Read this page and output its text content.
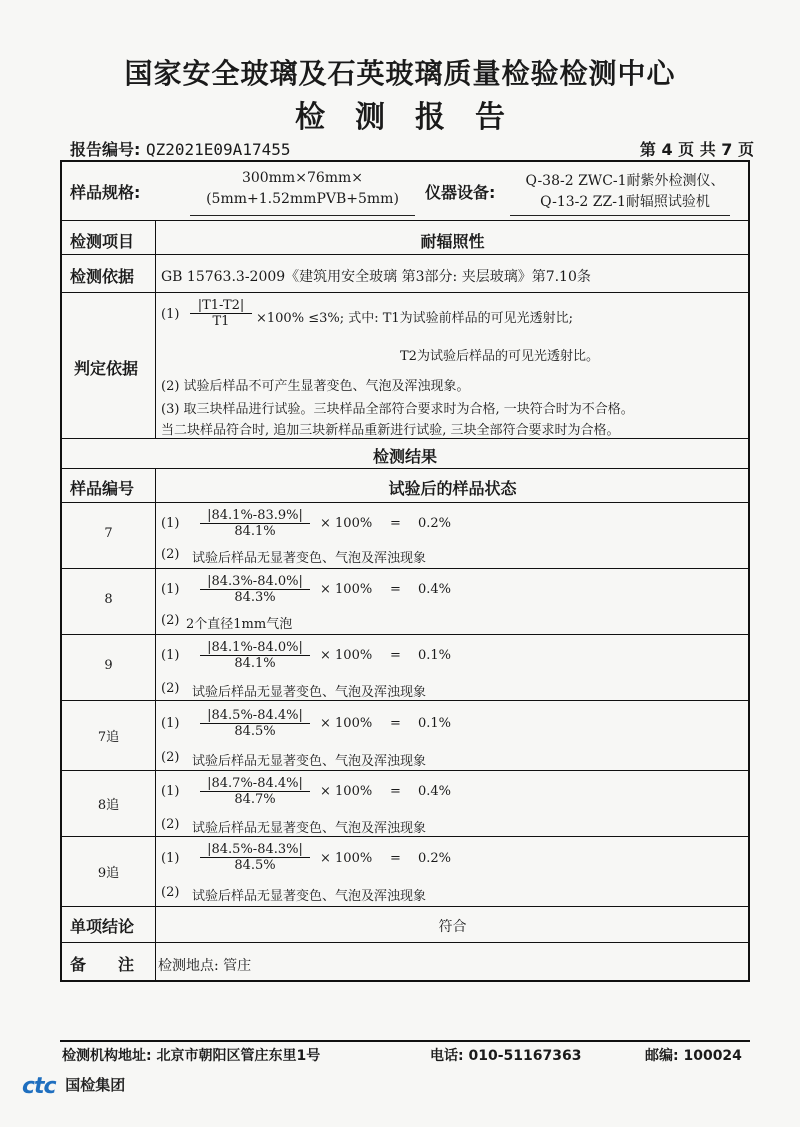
国家安全玻璃及石英玻璃质量检验检测中心
检测报告
报告编号: QZ2021E09A17455	第 4 页 共 7 页
样品规格:
300mm×76mm×
(5mm+1.52mmPVB+5mm)	仪器设备:
Q-38-2 ZWC-1耐紫外检测仪、
Q-13-2 ZZ-1耐辐照试验机
检测项目	耐辐照性
检测依据 GB 15763.3-2009《建筑用安全玻璃 第3部分: 夹层玻璃》第7.10条
判定依据
$(1) \frac{|T1-T2|}{T1} \times 100\% \le 3\%$; 式中: T1为试验前样品的可见光透射比;
T2为试验后样品的可见光透射比。
(2) 试验后样品不可产生显著变色、气泡及浑浊现象。
(3) 取三块样品进行试验。三块样品全部符合要求时为合格, 一块符合时为不合格。
当二块样品符合时, 追加三块新样品重新进行试验, 三块全部符合要求时为合格。
检测结果
样品编号	试验后的样品状态
7
$(1) \frac{|84.1\%-83.9\%|}{84.1\%} \times 100\% = 0.2\%$
(2) 试验后样品无显著变色、气泡及浑浊现象
8
$(1) \frac{|84.3\%-84.0\%|}{84.3\%} \times 100\% = 0.4\%$
(2) 2个直径1mm气泡
9
$(1) \frac{|84.1\%-84.0\%|}{84.1\%} \times 100\% = 0.1\%$
(2) 试验后样品无显著变色、气泡及浑浊现象
7追
$(1) \frac{|84.5\%-84.4\%|}{84.5\%} \times 100\% = 0.1\%$
(2) 试验后样品无显著变色、气泡及浑浊现象
8追
$(1) \frac{|84.7\%-84.4\%|}{84.7\%} \times 100\% = 0.4\%$
(2) 试验后样品无显著变色、气泡及浑浊现象
9追
$(1) \frac{|84.5\%-84.3\%|}{84.5\%} \times 100\% = 0.2\%$
(2) 试验后样品无显著变色、气泡及浑浊现象
单项结论	符合
备　　注 检测地点: 管庄
检测机构地址: 北京市朝阳区管庄东里1号	电话: 010-51167363	邮编: 100024
ctc 国检集团
